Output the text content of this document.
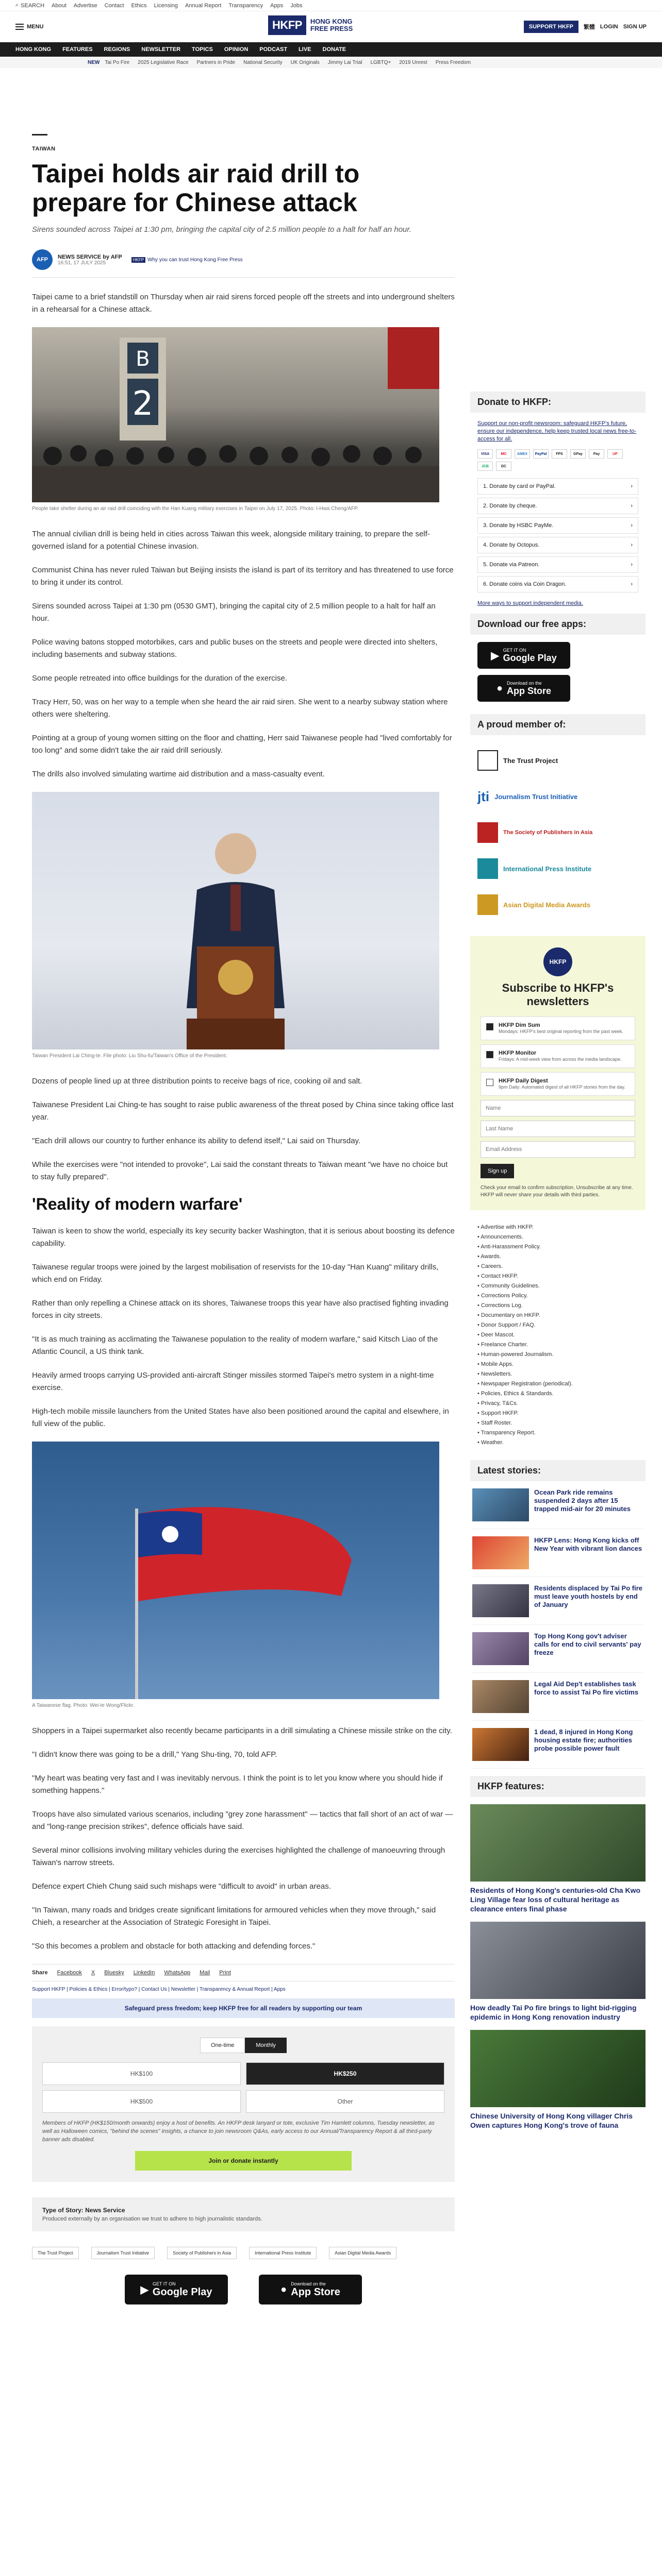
⌕ SEARCH About Advertise Contact Ethics Licensing Annual Report Transparency Apps Jobs
MENU	SUPPORT HKFP	繁體 LOGIN SIGN UP
HKFP	HONG KONG
FREE PRESS
HONG KONG FEATURES REGIONS NEWSLETTER TOPICS OPINION PODCAST LIVE DONATE
NEW Tai Po Fire 2025 Legislative Race Partners in Pride National Security UK Originals Jimmy Lai Trial LGBTQ+ 2019 Unrest Press Freedom
TAIWAN
Taipei holds air raid drill to prepare for Chinese attack
Sirens sounded across Taipei at 1:30 pm, bringing the capital city of 2.5 million people to a halt for half an hour.
AFP	NEWS SERVICE by AFP
16:51, 17 JULY 2025
HKFP Why you can trust Hong Kong Free Press

Taipei came to a brief standstill on Thursday when air raid sirens forced people off the streets and into underground shelters in a rehearsal for a Chinese attack.

B
2
People take shelter during an air raid drill coinciding with the Han Kuang military exercises in Taipei on July 17, 2025. Photo: I-Hwa Cheng/AFP.

The annual civilian drill is being held in cities across Taiwan this week, alongside military training, to prepare the self-governed island for a potential Chinese invasion.

Communist China has never ruled Taiwan but Beijing insists the island is part of its territory and has threatened to use force to bring it under its control.

Sirens sounded across Taipei at 1:30 pm (0530 GMT), bringing the capital city of 2.5 million people to a halt for half an hour.

Police waving batons stopped motorbikes, cars and public buses on the streets and people were directed into shelters, including basements and subway stations.

Some people retreated into office buildings for the duration of the exercise.

Tracy Herr, 50, was on her way to a temple when she heard the air raid siren. She went to a nearby subway station where others were sheltering.

Pointing at a group of young women sitting on the floor and chatting, Herr said Taiwanese people had "lived comfortably for too long" and some didn't take the air raid drill seriously.

The drills also involved simulating wartime aid distribution and a mass-casualty event.

Taiwan President Lai Ching-te. File photo: Liu Shu-fu/Taiwan's Office of the President.

Dozens of people lined up at three distribution points to receive bags of rice, cooking oil and salt.

Taiwanese President Lai Ching-te has sought to raise public awareness of the threat posed by China since taking office last year.

"Each drill allows our country to further enhance its ability to defend itself," Lai said on Thursday.

While the exercises were "not intended to provoke", Lai said the constant threats to Taiwan meant "we have no choice but to stay fully prepared".

'Reality of modern warfare'

Taiwan is keen to show the world, especially its key security backer Washington, that it is serious about boosting its defence capability.

Taiwanese regular troops were joined by the largest mobilisation of reservists for the 10-day "Han Kuang" military drills, which end on Friday.

Rather than only repelling a Chinese attack on its shores, Taiwanese troops this year have also practised fighting invading forces in city streets.

"It is as much training as acclimating the Taiwanese population to the reality of modern warfare," said Kitsch Liao of the Atlantic Council, a US think tank.

Heavily armed troops carrying US-provided anti-aircraft Stinger missiles stormed Taipei's metro system in a night-time exercise.

High-tech mobile missile launchers from the United States have also been positioned around the capital and elsewhere, in full view of the public.

A Taiwanese flag. Photo: Wei-te Wong/Flickr.

Shoppers in a Taipei supermarket also recently became participants in a drill simulating a Chinese missile strike on the city.

"I didn't know there was going to be a drill," Yang Shu-ting, 70, told AFP.

"My heart was beating very fast and I was inevitably nervous. I think the point is to let you know where you should hide if something happens."

Troops have also simulated various scenarios, including "grey zone harassment" — tactics that fall short of an act of war — and "long-range precision strikes", defence officials have said.

Several minor collisions involving military vehicles during the exercises highlighted the challenge of manoeuvring through Taiwan's narrow streets.

Defence expert Chieh Chung said such mishaps were "difficult to avoid" in urban areas.

"In Taiwan, many roads and bridges create significant limitations for armoured vehicles when they move through," said Chieh, a researcher at the Association of Strategic Foresight in Taipei.

"So this becomes a problem and obstacle for both attacking and defending forces."

Share Facebook X Bluesky LinkedIn WhatsApp Mail Print
Support HKFP | Policies & Ethics | Error/typo? | Contact Us | Newsletter | Transparency & Annual Report | Apps
Safeguard press freedom; keep HKFP free for all readers by supporting our team
One-time	Monthly
HK$100	HK$250
HK$500	Other
Members of HKFP (HK$150/month onwards) enjoy a host of benefits. An HKFP desk lanyard or tote, exclusive Tim Hamlett columns, Tuesday newsletter, as well as Halloween comics, "behind the scenes" insights, a chance to join newsroom Q&As, early access to our Annual/Transparency Report & all third-party banner ads disabled.
Join or donate instantly
Type of Story: News Service
Produced externally by an organisation we trust to adhere to high journalistic standards.
The Trust Project	Journalism Trust Initiative	Society of Publishers in Asia	International Press Institute	Asian Digital Media Awards
▶
GET IT ON
Google Play	● Download on the
App Store
Donate to HKFP:
Support our non-profit newsroom: safeguard HKFP's future, ensure our independence, help keep trusted local news free-to-access for all.
VISA	MC	AMEX	PayPal	FPS	GPay	Pay	UP
JCB	DC
1. Donate by card or PayPal.	›
2. Donate by cheque.	›
3. Donate by HSBC PayMe.	›
4. Donate by Octopus.	›
5. Donate via Patreon.	›
6. Donate coins via Coin Dragon.	›
More ways to support independent media.
Download our free apps:
▶ GET IT ON
Google Play
● Download on the
App Store
A proud member of:
The Trust Project
jti Journalism Trust Initiative
The Society of Publishers in Asia
International Press Institute
Asian Digital Media Awards
HKFP
Subscribe to HKFP's newsletters
HKFP Dim Sum
Mondays: HKFP's best original reporting from the past week.
HKFP Monitor
Fridays: A mid-week view from across the media landscape.
HKFP Daily Digest
9pm Daily: Automated digest of all HKFP stories from the day.
Name Last Name Email Address Sign up
Check your email to confirm subscription. Unsubscribe at any time. HKFP will never share your details with third parties.
• Advertise with HKFP.
• Announcements.
• Anti-Harassment Policy.
• Awards.
• Careers.
• Contact HKFP.
• Community Guidelines.
• Corrections Policy.
• Corrections Log.
• Documentary on HKFP.
• Donor Support / FAQ.
• Deer Mascot.
• Freelance Charter.
• Human-powered Journalism.
• Mobile Apps.
• Newsletters.
• Newspaper Registration (periodical).
• Policies, Ethics & Standards.
• Privacy, T&Cs.
• Support HKFP.
• Staff Roster.
• Transparency Report.
• Weather.
Latest stories:
Ocean Park ride remains suspended 2 days after 15 trapped mid-air for 20 minutes
HKFP Lens: Hong Kong kicks off New Year with vibrant lion dances
Residents displaced by Tai Po fire must leave youth hostels by end of January
Top Hong Kong gov't adviser calls for end to civil servants' pay freeze
Legal Aid Dep't establishes task force to assist Tai Po fire victims
1 dead, 8 injured in Hong Kong housing estate fire; authorities probe possible power fault
HKFP features:
Residents of Hong Kong's centuries-old Cha Kwo Ling Village fear loss of cultural heritage as clearance enters final phase
How deadly Tai Po fire brings to light bid-rigging epidemic in Hong Kong renovation industry
Chinese University of Hong Kong villager Chris Owen captures Hong Kong's trove of fauna
